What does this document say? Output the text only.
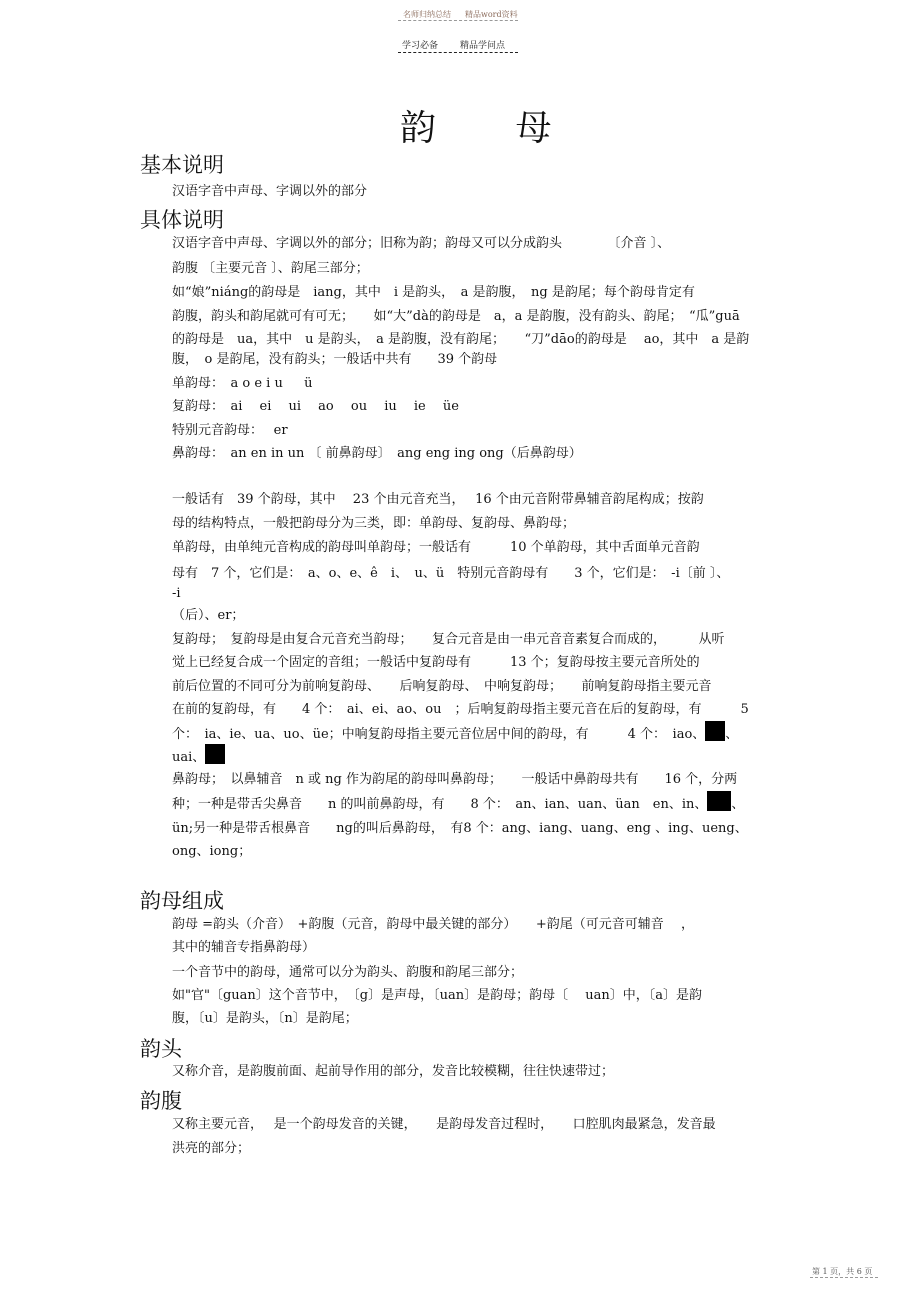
名师归纳总结 精品word资料
学习必备 精品学问点
韵 母
基本说明
汉语字音中声母、字调以外的部分
具体说明
汉语字音中声母、字调以外的部分；旧称为韵；韵母又可以分成韵头　　　　〔介音 〕、
韵腹 〔主要元音 〕、韵尾三部分；
如“娘”niáng的韵母是　iang，其中　i 是韵头，　a 是韵腹，　ng 是韵尾；每个韵母肯定有
韵腹，韵头和韵尾就可有可无；　　如“大”dà的韵母是　a，a 是韵腹，没有韵头、韵尾；　“瓜”guā
的韵母是　ua，其中　u 是韵头，　a 是韵腹，没有韵尾；　　“刀”dāo的韵母是　 ao，其中　a 是韵
腹，　o 是韵尾，没有韵头；一般话中共有　　39 个韵母
单韵母：　a o e i u 　 ü
复韵母：　ai 　ei　 ui　 ao 　ou　 iu 　ie 　üe
特别元音韵母：　 er
鼻韵母：　an en in un 〔 前鼻韵母〕　ang eng ing ong（后鼻韵母）
一般话有　39 个韵母，其中　 23 个由元音充当，　 16 个由元音附带鼻辅音韵尾构成；按韵
母的结构特点，一般把韵母分为三类，即：单韵母、复韵母、鼻韵母；
单韵母，由单纯元音构成的韵母叫单韵母；一般话有　　　10 个单韵母，其中舌面单元音韵
母有　7 个，它们是：　a、o、e、ê　i、　u、ü　特别元音韵母有　　3 个，它们是：　-i〔前 〕、
-i
（后）、er；
复韵母；　复韵母是由复合元音充当韵母；　　复合元音是由一串元音音素复合而成的，　　　从听
觉上已经复合成一个固定的音组；一般话中复韵母有　　　13 个；复韵母按主要元音所处的
前后位置的不同可分为前响复韵母、　　后响复韵母、　中响复韵母；　　前响复韵母指主要元音
在前的复韵母，有　　4 个：　ai、ei、ao、ou　；后响复韵母指主要元音在后的复韵母，有　　　5
个：　ia、ie、ua、uo、üe；中响复韵母指主要元音位居中间的韵母，有　　　4 个：　iao、 、
uai、
鼻韵母；　以鼻辅音　n 或 ng 作为韵尾的韵母叫鼻韵母；　　一般话中鼻韵母共有　　16 个，分两
种；一种是带舌尖鼻音　　n 的叫前鼻韵母，有　　8 个：　an、ian、uan、üan　en、in、 、
ün;另一种是带舌根鼻音　　ng的叫后鼻韵母，　有8 个：ang、iang、uang、eng 、ing、ueng、
ong、iong；
韵母组成
韵母 =韵头（介音）　+韵腹（元音，韵母中最关键的部分）　　+韵尾（可元音可辅音　 ，
其中的辅音专指鼻韵母）
一个音节中的韵母，通常可以分为韵头、韵腹和韵尾三部分；
如"官"〔guan〕这个音节中，　〔g〕是声母，〔uan〕是韵母；韵母〔　 uan〕中，〔a〕是韵
腹，〔u〕是韵头，〔n〕是韵尾；
韵头
又称介音，是韵腹前面、起前导作用的部分，发音比较模糊，往往快速带过；
韵腹
又称主要元音，　 是一个韵母发音的关键，　　是韵母发音过程时，　　口腔肌肉最紧急，发音最
洪亮的部分；
第 1 页，共 6 页
